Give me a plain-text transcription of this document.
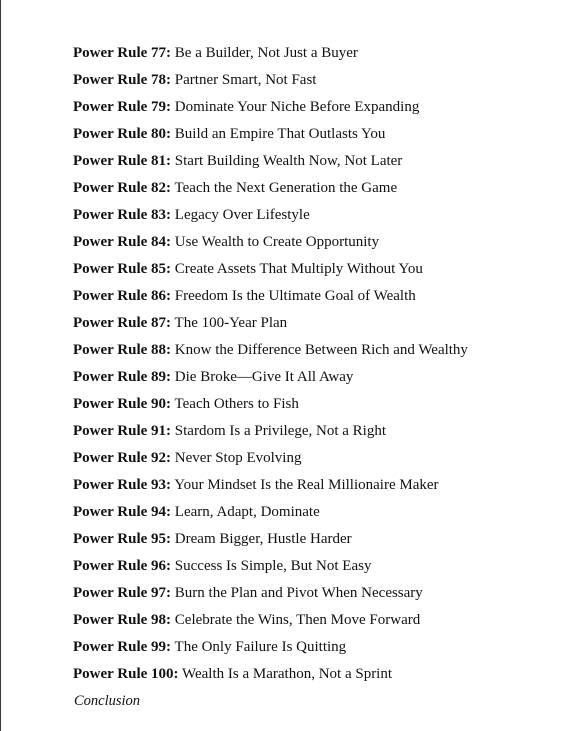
Power Rule 77: Be a Builder, Not Just a Buyer
Power Rule 78: Partner Smart, Not Fast
Power Rule 79: Dominate Your Niche Before Expanding
Power Rule 80: Build an Empire That Outlasts You
Power Rule 81: Start Building Wealth Now, Not Later
Power Rule 82: Teach the Next Generation the Game
Power Rule 83: Legacy Over Lifestyle
Power Rule 84: Use Wealth to Create Opportunity
Power Rule 85: Create Assets That Multiply Without You
Power Rule 86: Freedom Is the Ultimate Goal of Wealth
Power Rule 87: The 100-Year Plan
Power Rule 88: Know the Difference Between Rich and Wealthy
Power Rule 89: Die Broke—Give It All Away
Power Rule 90: Teach Others to Fish
Power Rule 91: Stardom Is a Privilege, Not a Right
Power Rule 92: Never Stop Evolving
Power Rule 93: Your Mindset Is the Real Millionaire Maker
Power Rule 94: Learn, Adapt, Dominate
Power Rule 95: Dream Bigger, Hustle Harder
Power Rule 96: Success Is Simple, But Not Easy
Power Rule 97: Burn the Plan and Pivot When Necessary
Power Rule 98: Celebrate the Wins, Then Move Forward
Power Rule 99: The Only Failure Is Quitting
Power Rule 100: Wealth Is a Marathon, Not a Sprint
Conclusion
